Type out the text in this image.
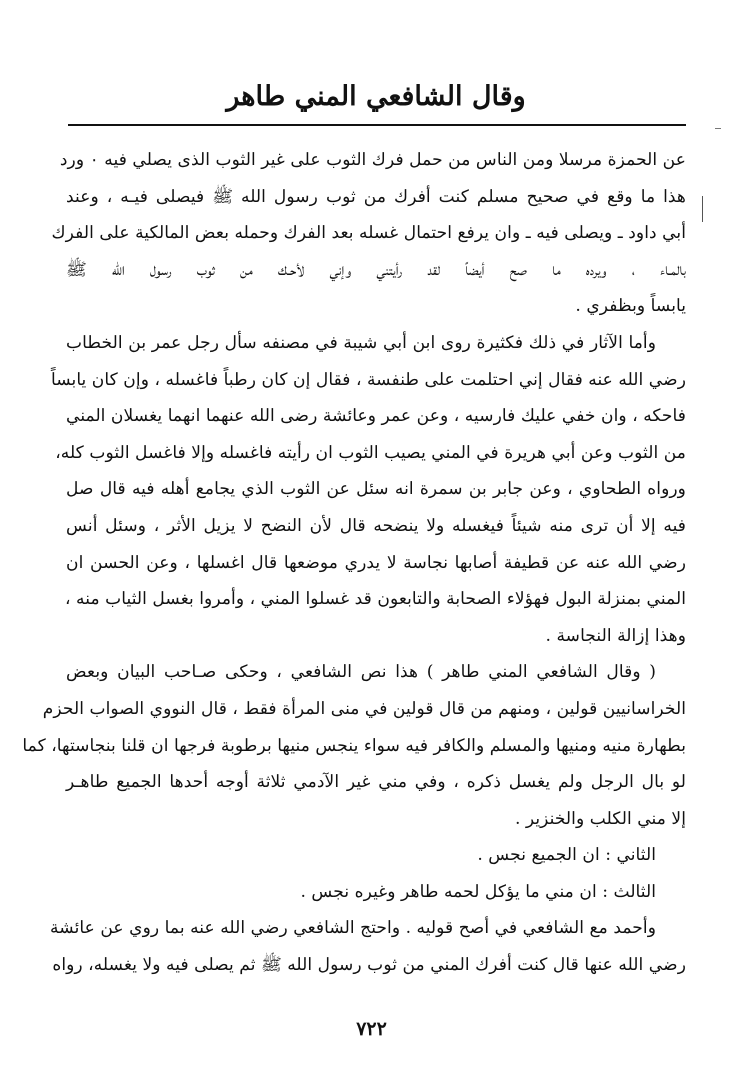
وقال الشافعي المني طاهر
عن الحمزة مرسلا ومن الناس من حمل فرك الثوب على غير الثوب الذى يصلي فيه ٠ ورد
هذا ما وقع في صحيح مسلم كنت أفرك من ثوب رسول الله ﷺ فيصلى فيـه ، وعند
أبي داود ـ ويصلى فيه ـ وان يرفع احتمال غسله بعد الفرك وحمله بعض المالكية على الفرك
بالمـاء ، ويرده ما صح أيضاً لقد رأيتني وإني لأحـك من ثوب رسول الله ﷺ
يابساً وبظفري .
وأما الآثار في ذلك فكثيرة روى ابن أبي شيبة في مصنفه سأل رجل عمر بن الخطاب
رضي الله عنه فقال إني احتلمت على طنفسة ، فقال إن كان رطباً فاغسله ، وإن كان يابساً
فاحكه ، وان خفي عليك فارسيه ، وعن عمر وعائشة رضى الله عنهما انهما يغسلان المني
من الثوب وعن أبي هريرة في المني يصيب الثوب ان رأيته فاغسله وإلا فاغسل الثوب كله،
ورواه الطحاوي ، وعن جابر بن سمرة انه سئل عن الثوب الذي يجامع أهله فيه قال صل
فيه إلا أن ترى منه شيئاً فيغسله ولا ينضحه قال لأن النضح لا يزيل الأثر ، وسئل أنس
رضي الله عنه عن قطيفة أصابها نجاسة لا يدري موضعها قال اغسلها ، وعن الحسن ان
المني بمنزلة البول فهؤلاء الصحابة والتابعون قد غسلوا المني ، وأمروا بغسل الثياب منه ،
وهذا إزالة النجاسة .
( وقال الشافعي المني طاهر ) هذا نص الشافعي ، وحكى صـاحب البيان وبعض
الخراسانيين قولين ، ومنهم من قال قولين في منى المرأة فقط ، قال النووي الصواب الحزم
بطهارة منيه ومنيها والمسلم والكافر فيه سواء ينجس منيها برطوبة فرجها ان قلنا بنجاستها، كما
لو بال الرجل ولم يغسل ذكره ، وفي مني غير الآدمي ثلاثة أوجه أحدها الجميع طاهـر
إلا مني الكلب والخنزير .
الثاني : ان الجميع نجس .
الثالث : ان مني ما يؤكل لحمه طاهر وغيره نجس .
وأحمد مع الشافعي في أصح قوليه . واحتج الشافعي رضي الله عنه بما روي عن عائشة
رضي الله عنها قال كنت أفرك المني من ثوب رسول الله ﷺ ثم يصلى فيه ولا يغسله، رواه
٧٢٢
